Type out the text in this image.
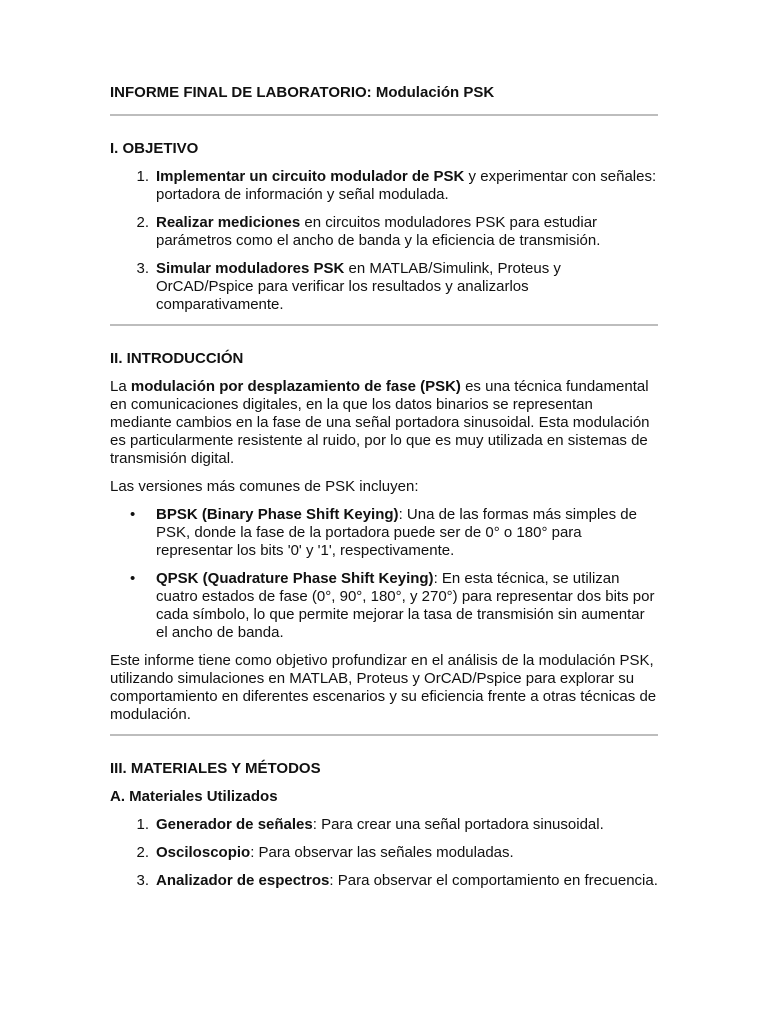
INFORME FINAL DE LABORATORIO: Modulación PSK
I. OBJETIVO
1. Implementar un circuito modulador de PSK y experimentar con señales: portadora de información y señal modulada.
2. Realizar mediciones en circuitos moduladores PSK para estudiar parámetros como el ancho de banda y la eficiencia de transmisión.
3. Simular moduladores PSK en MATLAB/Simulink, Proteus y OrCAD/Pspice para verificar los resultados y analizarlos comparativamente.
II. INTRODUCCIÓN

La modulación por desplazamiento de fase (PSK) es una técnica fundamental en comunicaciones digitales, en la que los datos binarios se representan mediante cambios en la fase de una señal portadora sinusoidal. Esta modulación es particularmente resistente al ruido, por lo que es muy utilizada en sistemas de transmisión digital.

Las versiones más comunes de PSK incluyen:

• BPSK (Binary Phase Shift Keying): Una de las formas más simples de PSK, donde la fase de la portadora puede ser de 0° o 180° para representar los bits '0' y '1', respectivamente.
• QPSK (Quadrature Phase Shift Keying): En esta técnica, se utilizan cuatro estados de fase (0°, 90°, 180°, y 270°) para representar dos bits por cada símbolo, lo que permite mejorar la tasa de transmisión sin aumentar el ancho de banda.

Este informe tiene como objetivo profundizar en el análisis de la modulación PSK, utilizando simulaciones en MATLAB, Proteus y OrCAD/Pspice para explorar su comportamiento en diferentes escenarios y su eficiencia frente a otras técnicas de modulación.

III. MATERIALES Y MÉTODOS
A. Materiales Utilizados
1. Generador de señales: Para crear una señal portadora sinusoidal.
2. Osciloscopio: Para observar las señales moduladas.
3. Analizador de espectros: Para observar el comportamiento en frecuencia.
